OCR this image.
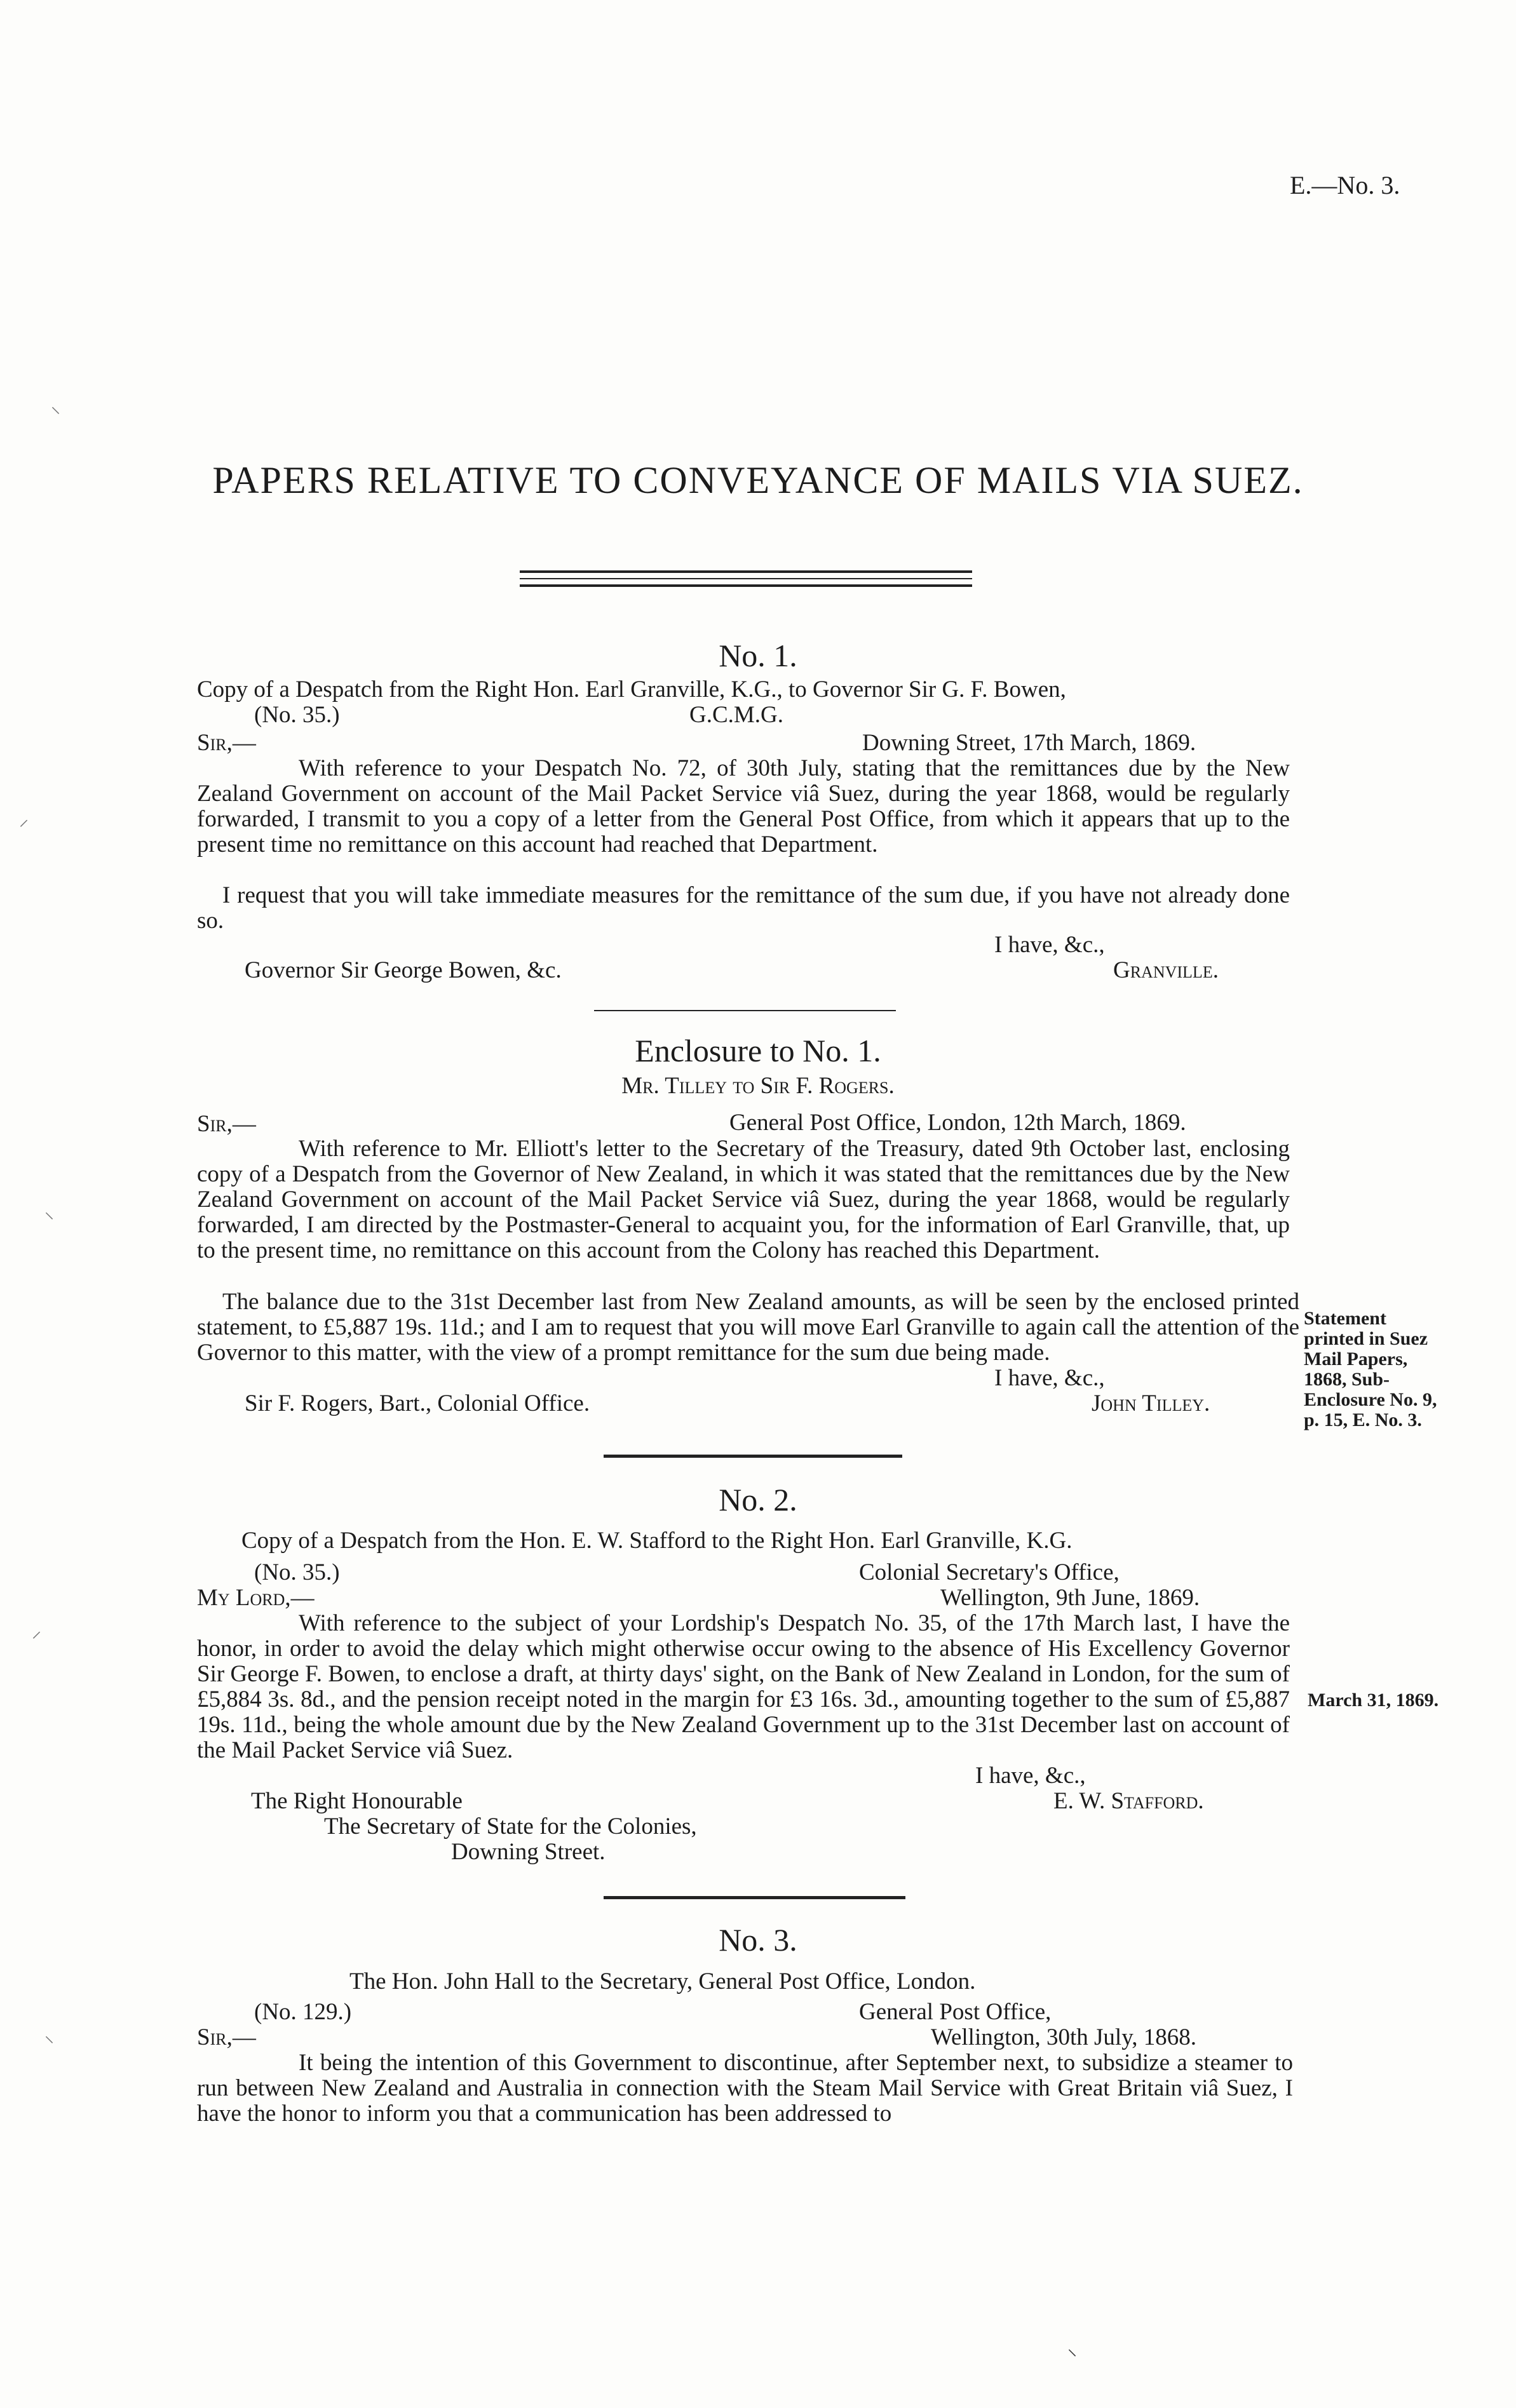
E.—No. 3.
⸌
⸍
⸌
⸍
⸌
PAPERS RELATIVE TO CONVEYANCE OF MAILS VIA SUEZ.
No. 1.
Copy of a Despatch from the Right Hon. Earl Granville, K.G., to Governor Sir G. F. Bowen,
(No. 35.)	G.C.M.G.
Sir,—	Downing Street, 17th March, 1869.

With reference to your Despatch No. 72, of 30th July, stating that the remittances due by the New Zealand Government on account of the Mail Packet Service viâ Suez, during the year 1868, would be regularly forwarded, I transmit to you a copy of a letter from the General Post Office, from which it appears that up to the present time no remittance on this account had reached that Department.

I request that you will take immediate measures for the remittance of the sum due, if you have not already done so.

I have, &c.,
Granville.
Governor Sir George Bowen, &c.
Enclosure to No. 1.
Mr. Tilley to Sir F. Rogers.
Sir,—	General Post Office, London, 12th March, 1869.

With reference to Mr. Elliott's letter to the Secretary of the Treasury, dated 9th October last, enclosing copy of a Despatch from the Governor of New Zealand, in which it was stated that the remittances due by the New Zealand Government on account of the Mail Packet Service viâ Suez, during the year 1868, would be regularly forwarded, I am directed by the Postmaster-General to acquaint you, for the information of Earl Granville, that, up to the present time, no remittance on this account from the Colony has reached this Department.

The balance due to the 31st December last from New Zealand amounts, as will be seen by the enclosed printed statement, to £5,887 19s. 11d.; and I am to request that you will move Earl Granville to again call the attention of the Governor to this matter, with the view of a prompt remittance for the sum due being made.

I have, &c.,
John Tilley.
Sir F. Rogers, Bart., Colonial Office.
Statement
printed in Suez
Mail Papers,
1868, Sub-
Enclosure No. 9,
p. 15, E. No. 3.
No. 2.
Copy of a Despatch from the Hon. E. W. Stafford to the Right Hon. Earl Granville, K.G.
(No. 35.)	Colonial Secretary's Office,
My Lord,—	Wellington, 9th June, 1869.

With reference to the subject of your Lordship's Despatch No. 35, of the 17th March last, I have the honor, in order to avoid the delay which might otherwise occur owing to the absence of His Excellency Governor Sir George F. Bowen, to enclose a draft, at thirty days' sight, on the Bank of New Zealand in London, for the sum of £5,884 3s. 8d., and the pension receipt noted in the margin for £3 16s. 3d., amounting together to the sum of £5,887 19s. 11d., being the whole amount due by the New Zealand Government up to the 31st December last on account of the Mail Packet Service viâ Suez.

I have, &c.,
E. W. Stafford.
The Right Honourable
The Secretary of State for the Colonies,
Downing Street.
March 31, 1869.
No. 3.
The Hon. John Hall to the Secretary, General Post Office, London.
(No. 129.)	General Post Office,
Sir,—	Wellington, 30th July, 1868.

It being the intention of this Government to discontinue, after September next, to subsidize a steamer to run between New Zealand and Australia in connection with the Steam Mail Service with Great Britain viâ Suez, I have the honor to inform you that a communication has been addressed to

⸌
